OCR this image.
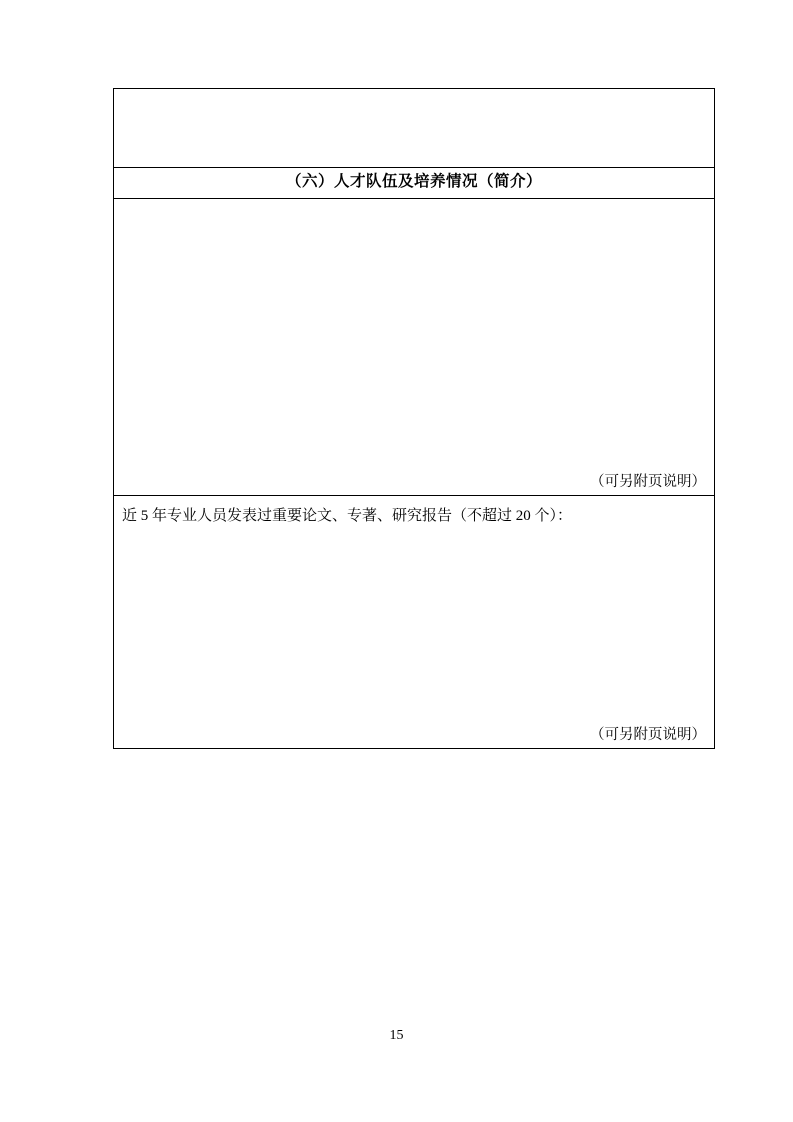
（六）人才队伍及培养情况（简介）

（可另附页说明）

近 5 年专业人员发表过重要论文、专著、研究报告（不超过 20 个）：
（可另附页说明）
15
